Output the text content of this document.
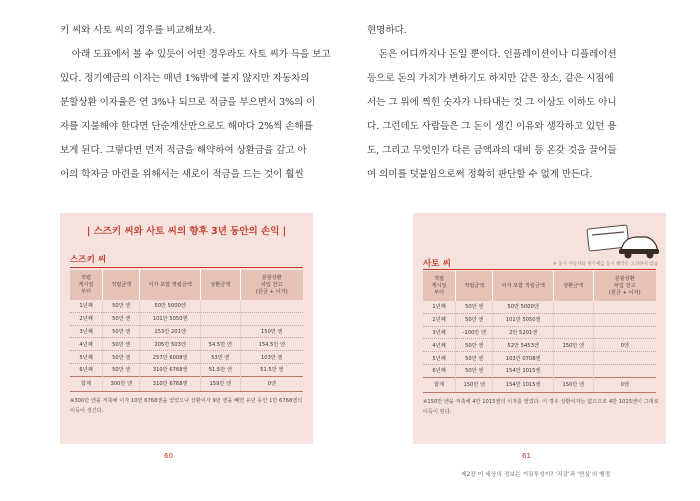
키 씨와 사토 씨의 경우를 비교해보자.
아래 도표에서 볼 수 있듯이 어떤 경우라도 사토 씨가 득을 보고
있다. 정기예금의 이자는 매년 1%밖에 붙지 않지만 자동차의
분할상환 이자율은 연 3%나 되므로 적금을 부으면서 3%의 이
자를 지불해야 한다면 단순계산만으로도 해마다 2%씩 손해를
보게 된다. 그렇다면 먼저 적금을 해약하여 상환금을 갚고 아
이의 학자금 마련을 위해서는 새로이 적금을 드는 것이 훨씬
| 스즈키 씨와 사토 씨의 향후 3년 동안의 손익 |
스즈키 씨
적립
게시일
부터	적립금액	이자 포함 적립금액	상환금액	분할상환
차입 잔고
(원금 + 이자)
1년째	50만 엔	50만 5000엔		
2년째	50만 엔	101만 5050엔		
3년째	50만 엔	153만 201엔		150만 엔
4년째	50만 엔	205만 503엔	54.5만 엔	154.5만 엔
5년째	50만 엔	257만 6008엔	53만 엔	103만 엔
6년째	50만 엔	310만 6768엔	51.5만 엔	51.5만 엔
합계	300만 엔	310만 6768엔	159만 엔	0엔
※300만 엔을 저축해 이자 10만 6768엔을 얻었으나 상환이자 9만 엔을 빼면 유년 동안 1만 6768엔의 이득이 생긴다.
60
현명하다.
돈은 어디까지나 돈일 뿐이다. 인플레이션이나 디플레이션
등으로 돈의 가치가 변하기도 하지만 같은 장소, 같은 시점에
서는 그 위에 찍힌 숫자가 나타내는 것 그 이상도 이하도 아니
다. 그런데도 사람들은 그 돈이 생긴 이유와 생각하고 있던 용
도, 그리고 무엇인가 다른 금액과의 대비 등 온갖 것을 끌어들
여 의미를 덧붙임으로써 정확히 판단할 수 없게 만든다.
사토 씨	※ 동시 자동차와 정기예금 동시 해약은 고려하지 않음
적립
게시일
부터	적립금액	이자 포함 적립금액	상환금액	분할상환
차입 잔고
(원금 + 이자)
1년째	50만 엔	50만 5000엔		
2년째	50만 엔	101만 5050엔		
3년째	-100만 엔	2만 5201엔		
4년째	50만 엔	52만 5453엔	150만 엔	0엔
5년째	50만 엔	103만 0708엔		
6년째	50만 엔	154만 1015엔		
합계	150만 엔	154만 1015엔	150만 엔	0엔
※150만 엔을 저축해 4만 1015엔의 이자를 얻었다. 이 경우 상환이자는 없으므로 4만 1015엔이 그대로 이득이 된다.
61
제2장 이 세상의 정보는 거짓투성이? '직감'과 '현실'의 행정
